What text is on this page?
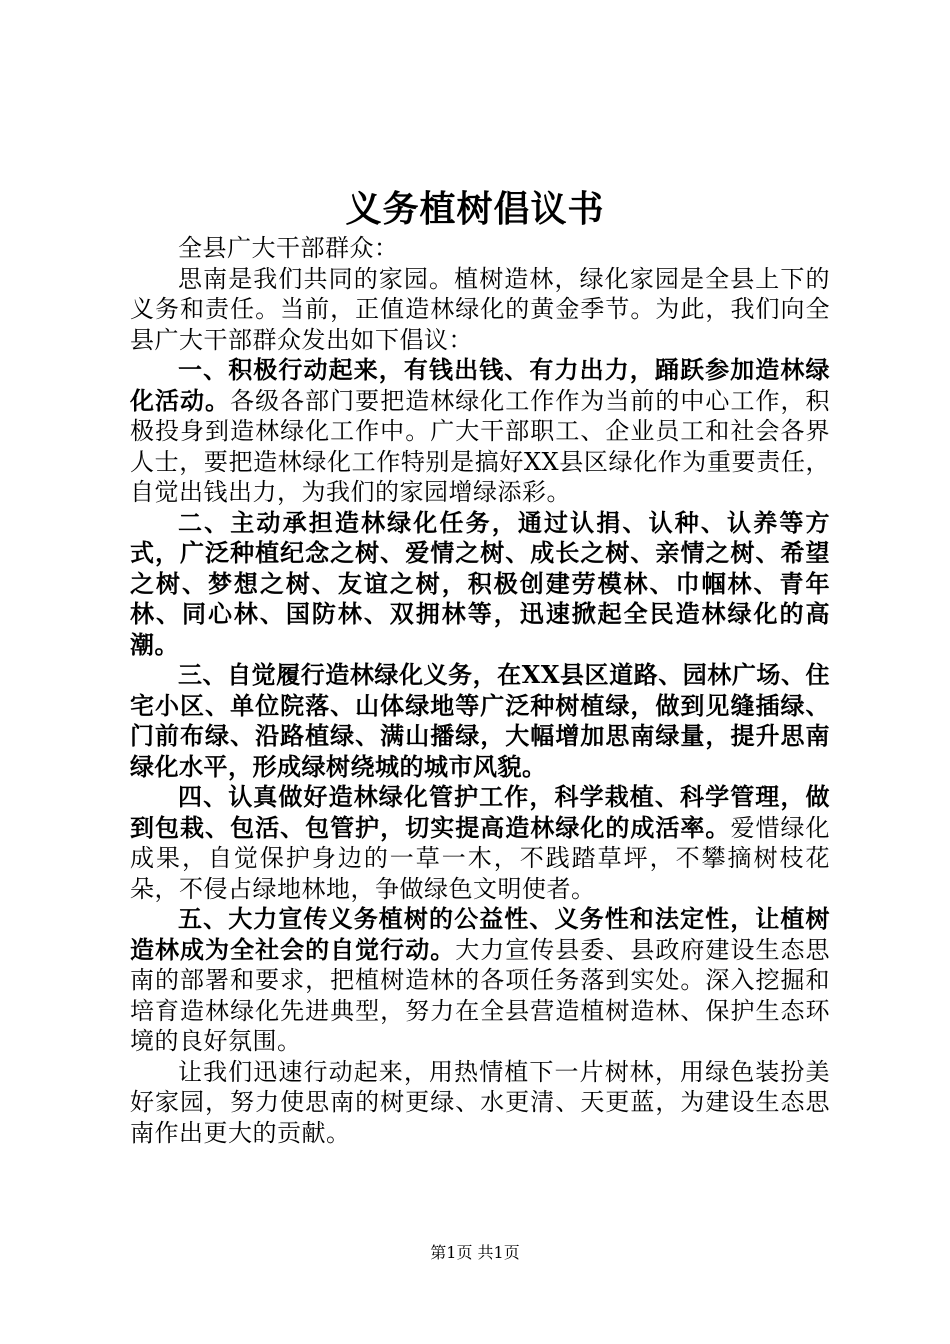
义务植树倡议书

全县广大干部群众：

思南是我们共同的家园。植树造林，绿化家园是全县上下的义务和责任。当前，正值造林绿化的黄金季节。为此，我们向全县广大干部群众发出如下倡议：

一、积极行动起来，有钱出钱、有力出力，踊跃参加造林绿化活动。各级各部门要把造林绿化工作作为当前的中心工作，积极投身到造林绿化工作中。广大干部职工、企业员工和社会各界人士，要把造林绿化工作特别是搞好XX县区绿化作为重要责任，自觉出钱出力，为我们的家园增绿添彩。

二、主动承担造林绿化任务，通过认捐、认种、认养等方式，广泛种植纪念之树、爱情之树、成长之树、亲情之树、希望之树、梦想之树、友谊之树，积极创建劳模林、巾帼林、青年林、同心林、国防林、双拥林等，迅速掀起全民造林绿化的高潮。

三、自觉履行造林绿化义务，在XX县区道路、园林广场、住宅小区、单位院落、山体绿地等广泛种树植绿，做到见缝插绿、门前布绿、沿路植绿、满山播绿，大幅增加思南绿量，提升思南绿化水平，形成绿树绕城的城市风貌。

四、认真做好造林绿化管护工作，科学栽植、科学管理，做到包栽、包活、包管护，切实提高造林绿化的成活率。爱惜绿化成果，自觉保护身边的一草一木，不践踏草坪，不攀摘树枝花朵，不侵占绿地林地，争做绿色文明使者。

五、大力宣传义务植树的公益性、义务性和法定性，让植树造林成为全社会的自觉行动。大力宣传县委、县政府建设生态思南的部署和要求，把植树造林的各项任务落到实处。深入挖掘和培育造林绿化先进典型，努力在全县营造植树造林、保护生态环境的良好氛围。

让我们迅速行动起来，用热情植下一片树林，用绿色装扮美好家园，努力使思南的树更绿、水更清、天更蓝，为建设生态思南作出更大的贡献。

第1页 共1页
